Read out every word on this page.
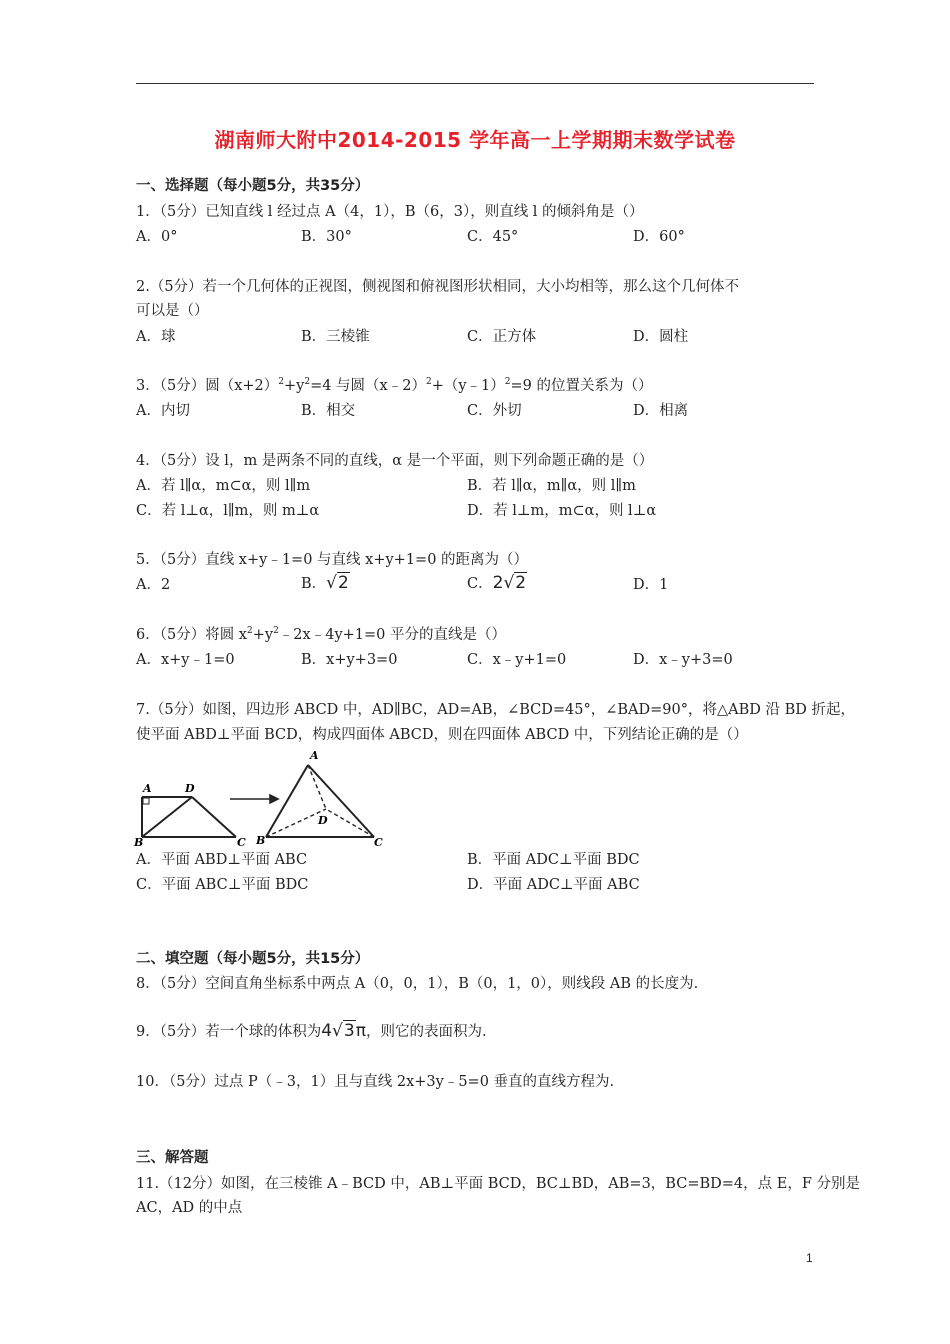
湖南师大附中2014-2015 学年高一上学期期末数学试卷
一、选择题（每小题5分，共35分）
1．（5分）已知直线 l 经过点 A（4，1），B（6，3），则直线 l 的倾斜角是（）
A．0°	B．30°	C．45°	D．60°
2.（5分）若一个几何体的正视图，侧视图和俯视图形状相同，大小均相等，那么这个几何体不
可以是（）
A．球	B．三棱锥	C．正方体	D．圆柱
3．（5分）圆$(x+2)^2+y^2=4$ 与圆（x﹣2）$^2$+（y﹣1）$^2$=9 的位置关系为（）
A．内切	B．相交	C．外切	D．相离
4．（5分）设 l，m 是两条不同的直线，α 是一个平面，则下列命题正确的是（）
A．若 l∥α，m⊂α，则 l∥m	B．若 l∥α，m∥α，则 l∥m
C．若 l⊥α，l∥m，则 m⊥α	D．若 l⊥m，m⊂α，则 l⊥α
5．（5分）直线 x+y﹣1=0 与直线 x+y+1=0 的距离为（）
A．2	B．√2	C．2√2	D．1
6．（5分）将圆 $x^2+y^2﹣2x﹣4y+1=0$ 平分的直线是（）
A．x+y﹣1=0	B．x+y+3=0	C．x﹣y+1=0	D．x﹣y+3=0
7.（5分）如图，四边形 ABCD 中，AD∥BC，AD=AB，∠BCD=45°，∠BAD=90°，将△ABD 沿 BD 折起，
使平面 ABD⊥平面 BCD，构成四面体 ABCD，则在四面体 ABCD 中，下列结论正确的是（）
A	D
B	C
A
D
B	C
A．平面 ABD⊥平面 ABC	B．平面 ADC⊥平面 BDC
C．平面 ABC⊥平面 BDC	D．平面 ADC⊥平面 ABC
二、填空题（每小题5分，共15分）
8．（5分）空间直角坐标系中两点 A（0，0，1），B（0，1，0），则线段 AB 的长度为.
9．（5分）若一个球的体积为4√3π，则它的表面积为.
10．（5分）过点 P（﹣3，1）且与直线 2x+3y﹣5=0 垂直的直线方程为.
三、解答题
11.（12分）如图，在三棱锥 A﹣BCD 中，AB⊥平面 BCD，BC⊥BD，AB=3，BC=BD=4，点 E，F 分别是
AC，AD 的中点
1
